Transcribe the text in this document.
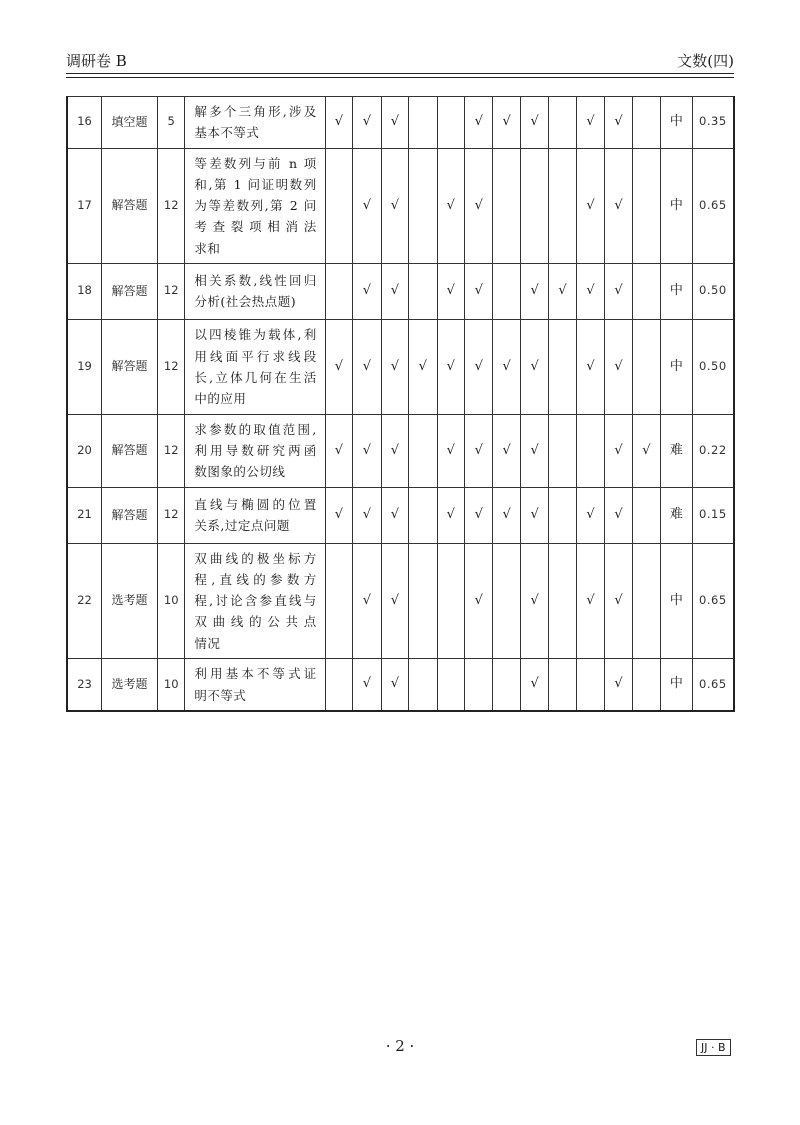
调研卷 B	文数(四)
16	填空题	5	解多个三角形,涉及
基本不等式	√	√	√			√	√	√		√	√		中	0.35
17	解答题	12	等差数列与前 n 项
和,第 1 问证明数列
为等差数列,第 2 问
考查裂项相消法
求和		√	√		√	√				√	√		中	0.65
18	解答题	12	相关系数,线性回归
分析(社会热点题)		√	√		√	√		√	√	√	√		中	0.50
19	解答题	12	以四棱锥为载体,利
用线面平行求线段
长,立体几何在生活
中的应用	√	√	√	√	√	√	√	√		√	√		中	0.50
20	解答题	12	求参数的取值范围,
利用导数研究两函
数图象的公切线	√	√	√		√	√	√	√			√	√	难	0.22
21	解答题	12	直线与椭圆的位置
关系,过定点问题	√	√	√		√	√	√	√		√	√		难	0.15
22	选考题	10	双曲线的极坐标方
程,直线的参数方
程,讨论含参直线与
双曲线的公共点
情况		√	√			√		√		√	√		中	0.65
23	选考题	10	利用基本不等式证
明不等式		√	√					√			√		中	0.65
· 2 ·	JJ · B
